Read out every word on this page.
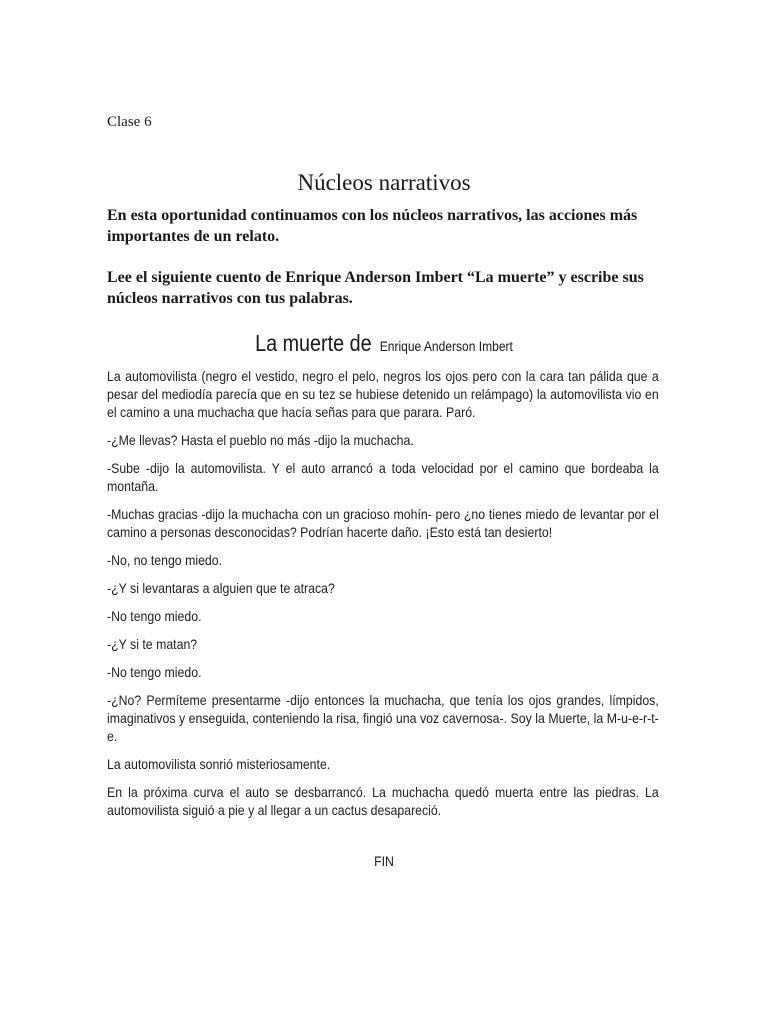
Clase 6
Núcleos narrativos

En esta oportunidad continuamos con los núcleos narrativos, las acciones más importantes de un relato.

Lee el siguiente cuento de Enrique Anderson Imbert “La muerte” y escribe sus núcleos narrativos con tus palabras.

La muerte de Enrique Anderson Imbert

La automovilista (negro el vestido, negro el pelo, negros los ojos pero con la cara tan pálida que a pesar del mediodía parecía que en su tez se hubiese detenido un relámpago) la automovilista vio en el camino a una muchacha que hacía señas para que parara. Paró.

-¿Me llevas? Hasta el pueblo no más -dijo la muchacha.

-Sube -dijo la automovilista. Y el auto arrancó a toda velocidad por el camino que bordeaba la montaña.

-Muchas gracias -dijo la muchacha con un gracioso mohín- pero ¿no tienes miedo de levantar por el camino a personas desconocidas? Podrían hacerte daño. ¡Esto está tan desierto!

-No, no tengo miedo.

-¿Y si levantaras a alguien que te atraca?

-No tengo miedo.

-¿Y si te matan?

-No tengo miedo.

-¿No? Permíteme presentarme -dijo entonces la muchacha, que tenía los ojos grandes, límpidos, imaginativos y enseguida, conteniendo la risa, fingió una voz cavernosa-. Soy la Muerte, la M-u-e-r-t-e.

La automovilista sonrió misteriosamente.

En la próxima curva el auto se desbarrancó. La muchacha quedó muerta entre las piedras. La automovilista siguió a pie y al llegar a un cactus desapareció.

FIN
